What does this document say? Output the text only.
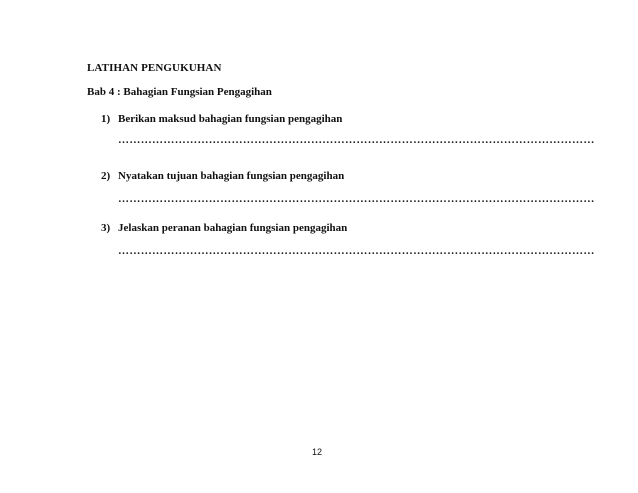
LATIHAN PENGUKUHAN
Bab 4 : Bahagian Fungsian Pengagihan
1) Berikan maksud bahagian fungsian pengagihan
………………………………………………………………………………………………………………
2) Nyatakan tujuan bahagian fungsian pengagihan
………………………………………………………………………………………………………………
3) Jelaskan peranan bahagian fungsian pengagihan
………………………………………………………………………………………………………………
12
